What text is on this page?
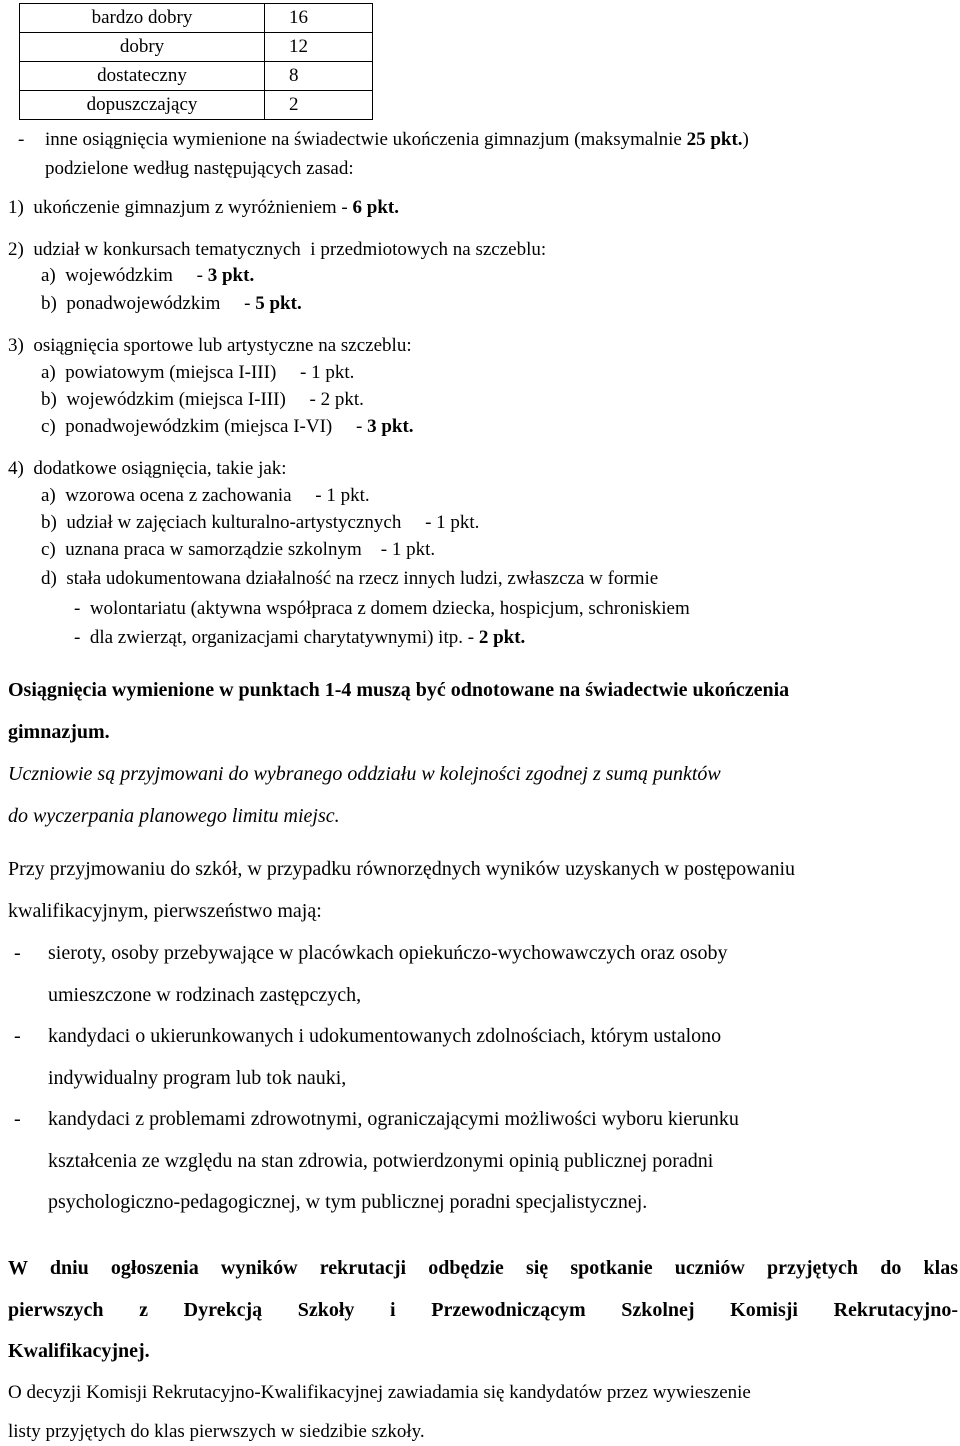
bardzo dobry	16
dobry	12
dostateczny	8
dopuszczający	2
- inne osiągnięcia wymienione na świadectwie ukończenia gimnazjum (maksymalnie 25 pkt.)
podzielone według następujących zasad:
1)  ukończenie gimnazjum z wyróżnieniem - 6 pkt.
2)  udział w konkursach tematycznych  i przedmiotowych na szczeblu:
a)  wojewódzkim     - 3 pkt.
b)  ponadwojewódzkim     - 5 pkt.
3)  osiągnięcia sportowe lub artystyczne na szczeblu:
a)  powiatowym (miejsca I-III)     - 1 pkt.
b)  wojewódzkim (miejsca I-III)     - 2 pkt.
c)  ponadwojewódzkim (miejsca I-VI)     - 3 pkt.
4)  dodatkowe osiągnięcia, takie jak:
a)  wzorowa ocena z zachowania     - 1 pkt.
b)  udział w zajęciach kulturalno-artystycznych     - 1 pkt.
c)  uznana praca w samorządzie szkolnym    - 1 pkt.
d)  stała udokumentowana działalność na rzecz innych ludzi, zwłaszcza w formie
-  wolontariatu (aktywna współpraca z domem dziecka, hospicjum, schroniskiem
-  dla zwierząt, organizacjami charytatywnymi) itp. - 2 pkt.
Osiągnięcia wymienione w punktach 1-4 muszą być odnotowane na świadectwie ukończenia
gimnazjum.
Uczniowie są przyjmowani do wybranego oddziału w kolejności zgodnej z sumą punktów
do wyczerpania planowego limitu miejsc.
Przy przyjmowaniu do szkół, w przypadku równorzędnych wyników uzyskanych w postępowaniu
kwalifikacyjnym, pierwszeństwo mają:
- sieroty, osoby przebywające w placówkach opiekuńczo-wychowawczych oraz osoby
umieszczone w rodzinach zastępczych,
- kandydaci o ukierunkowanych i udokumentowanych zdolnościach, którym ustalono
indywidualny program lub tok nauki,
- kandydaci z problemami zdrowotnymi, ograniczającymi możliwości wyboru kierunku
kształcenia ze względu na stan zdrowia, potwierdzonymi opinią publicznej poradni
psychologiczno-pedagogicznej, w tym publicznej poradni specjalistycznej.
W dniu ogłoszenia wyników rekrutacji odbędzie się spotkanie uczniów przyjętych do klas
pierwszych z Dyrekcją Szkoły i Przewodniczącym Szkolnej Komisji Rekrutacyjno-
Kwalifikacyjnej.
O decyzji Komisji Rekrutacyjno-Kwalifikacyjnej zawiadamia się kandydatów przez wywieszenie
listy przyjętych do klas pierwszych w siedzibie szkoły.
